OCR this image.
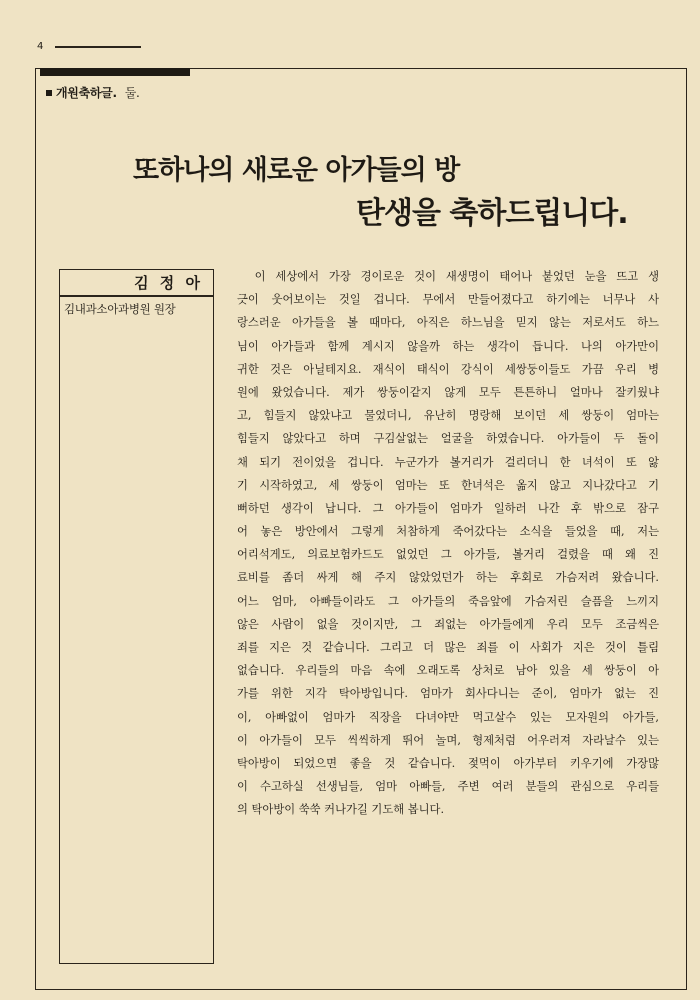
4
개원축하글. 둘.
또하나의 새로운 아가들의 방
탄생을 축하드립니다.
김 정 아
김내과소아과병원 원장
　이 세상에서 가장 경이로운 것이 새생명이 태어나 붙었던 눈을 뜨고 생
긋이 웃어보이는 것일 겁니다. 무에서 만들어졌다고 하기에는 너무나 사
랑스러운 아가들을 볼 때마다, 아직은 하느님을 믿지 않는 저로서도 하느
님이 아가들과 함께 계시지 않을까 하는 생각이 듭니다. 나의 아가만이
귀한 것은 아닐테지요. 재식이 태식이 강식이 세쌍둥이들도 가끔 우리 병
원에 왔었습니다. 제가 쌍둥이같지 않게 모두 튼튼하니 얼마나 잘키웠냐
고, 힘들지 않았냐고 물었더니, 유난히 명랑해 보이던 세 쌍둥이 엄마는
힘들지 않았다고 하며 구김살없는 얼굴을 하였습니다. 아가들이 두 돌이
채 되기 전이었을 겁니다. 누군가가 볼거리가 걸리더니 한 녀석이 또 앓
기 시작하였고, 세 쌍둥이 엄마는 또 한녀석은 옮지 않고 지나갔다고 기
뻐하던 생각이 납니다. 그 아가들이 엄마가 일하러 나간 후 밖으로 잠구
어 놓은 방안에서 그렇게 처참하게 죽어갔다는 소식을 들었을 때, 저는
어리석게도, 의료보험카드도 없었던 그 아가들, 볼거리 걸렸을 때 왜 진
료비를 좀더 싸게 해 주지 않았었던가 하는 후회로 가슴저려 왔습니다.
어느 엄마, 아빠들이라도 그 아가들의 죽음앞에 가슴저린 슬픔을 느끼지
않은 사람이 없을 것이지만, 그 죄없는 아가들에게 우리 모두 조금씩은
죄를 지은 것 같습니다. 그리고 더 많은 죄를 이 사회가 지은 것이 틀림
없습니다. 우리들의 마음 속에 오래도록 상처로 남아 있을 세 쌍둥이 아
가를 위한 지각 탁아방입니다. 엄마가 회사다니는 준이, 엄마가 없는 진
이, 아빠없이 엄마가 직장을 다녀야만 먹고살수 있는 모자원의 아가들,
이 아가들이 모두 씩씩하게 뛰어 놀며, 형제처럼 어우러져 자라날수 있는
탁아방이 되었으면 좋을 것 같습니다. 젖먹이 아가부터 키우기에 가장많
이 수고하실 선생님들, 엄마 아빠들, 주변 여러 분들의 관심으로 우리들
의 탁아방이 쑥쑥 커나가길 기도해 봅니다.
